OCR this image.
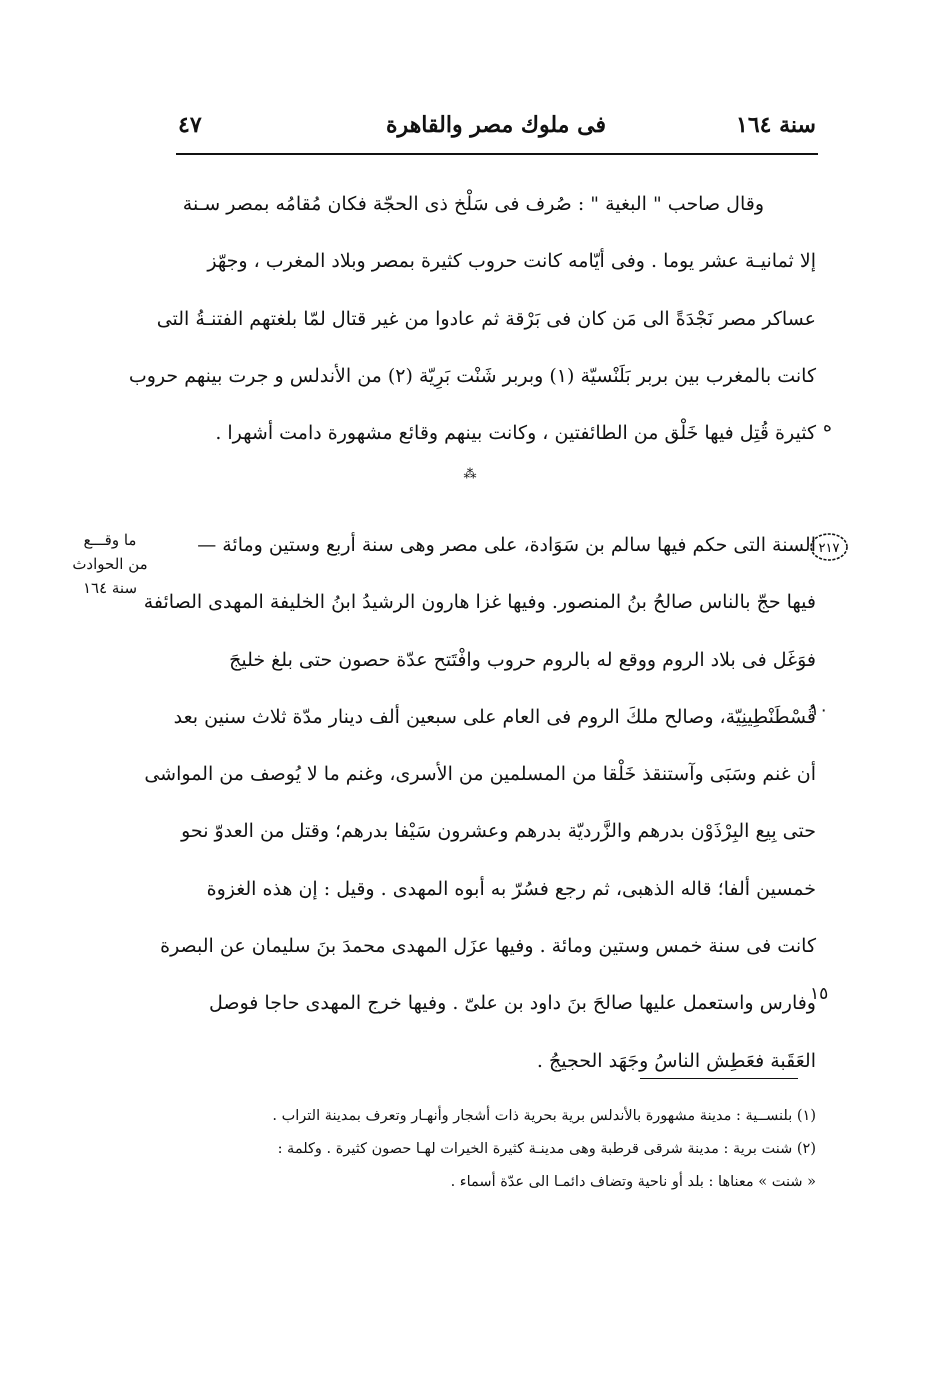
٤٧	فى ملوك مصر والقاهرة	سنة ١٦٤
وقال صاحب " البغية " : صُرف فى سَلْخ ذى الحجّة فكان مُقامُه بمصر سـنة
إلا ثمانيـة عشر يوما . وفى أيّامه كانت حروب كثيرة بمصر وبلاد المغرب ، وجهّز
عساكر مصر نَجْدَةً الى مَن كان فى بَرْقة ثم عادوا من غير قتال لمّا بلغتهم الفتنـةُ التى
كانت بالمغرب بين بربر بَلَنْسيّة (١) وبربر شَنْت بَرِيّة (٢) من الأندلس و جرت بينهم حروب
كثيرة قُتِل فيها خَلْق من الطائفتين ، وكانت بينهم وقائع مشهورة دامت أشهرا .
⁂
٢١٧
السنة التى حكم فيها سالم بن سَوَادة، على مصر وهى سنة أربع وستين ومائة —
فيها حجّ بالناس صالحُ بنُ المنصور. وفيها غزا هارون الرشيدُ ابنُ الخليفة المهدى الصائفة
فوَغَل فى بلاد الروم ووقع له بالروم حروب وافْتَتح عدّة حصون حتى بلغ خليجَ
قُسْطَنْطِينِيّة، وصالح ملكَ الروم فى العام على سبعين ألف دينار مدّة ثلاث سنين بعد
أن غنم وسَبَى وآستنقذ خَلْقا من المسلمين من الأسرى، وغنم ما لا يُوصف من المواشى
حتى بِيع البِرْذَوْن بدرهم والزَّرديّة بدرهم وعشرون سَيْفا بدرهم؛ وقتل من العدوّ نحو
خمسين ألفا؛ قاله الذهبى، ثم رجع فسُرّ به أبوه المهدى . وقيل : إن هذه الغزوة
كانت فى سنة خمس وستين ومائة . وفيها عزَل المهدى محمدَ بنَ سليمان عن البصرة
وفارس واستعمل عليها صالحَ بنَ داود بن علىّ . وفيها خرج المهدى حاجا فوصل
العَقَبة فعَطِش الناسُ وجَهَد الحجيجُ .
ه
١٠
١٥
ما وقـــع
من الحوادث
سنة ١٦٤
(١) بلنســية : مدينة مشهورة بالأندلس برية بحرية ذات أشجار وأنهـار وتعرف بمدينة التراب .
(٢) شنت برية : مدينة شرقى قرطبة وهى مدينـة كثيرة الخيرات لهـا حصون كثيرة . وكلمة :
« شنت » معناها : بلد أو ناحية وتضاف دائمـا الى عدّة أسماء .
